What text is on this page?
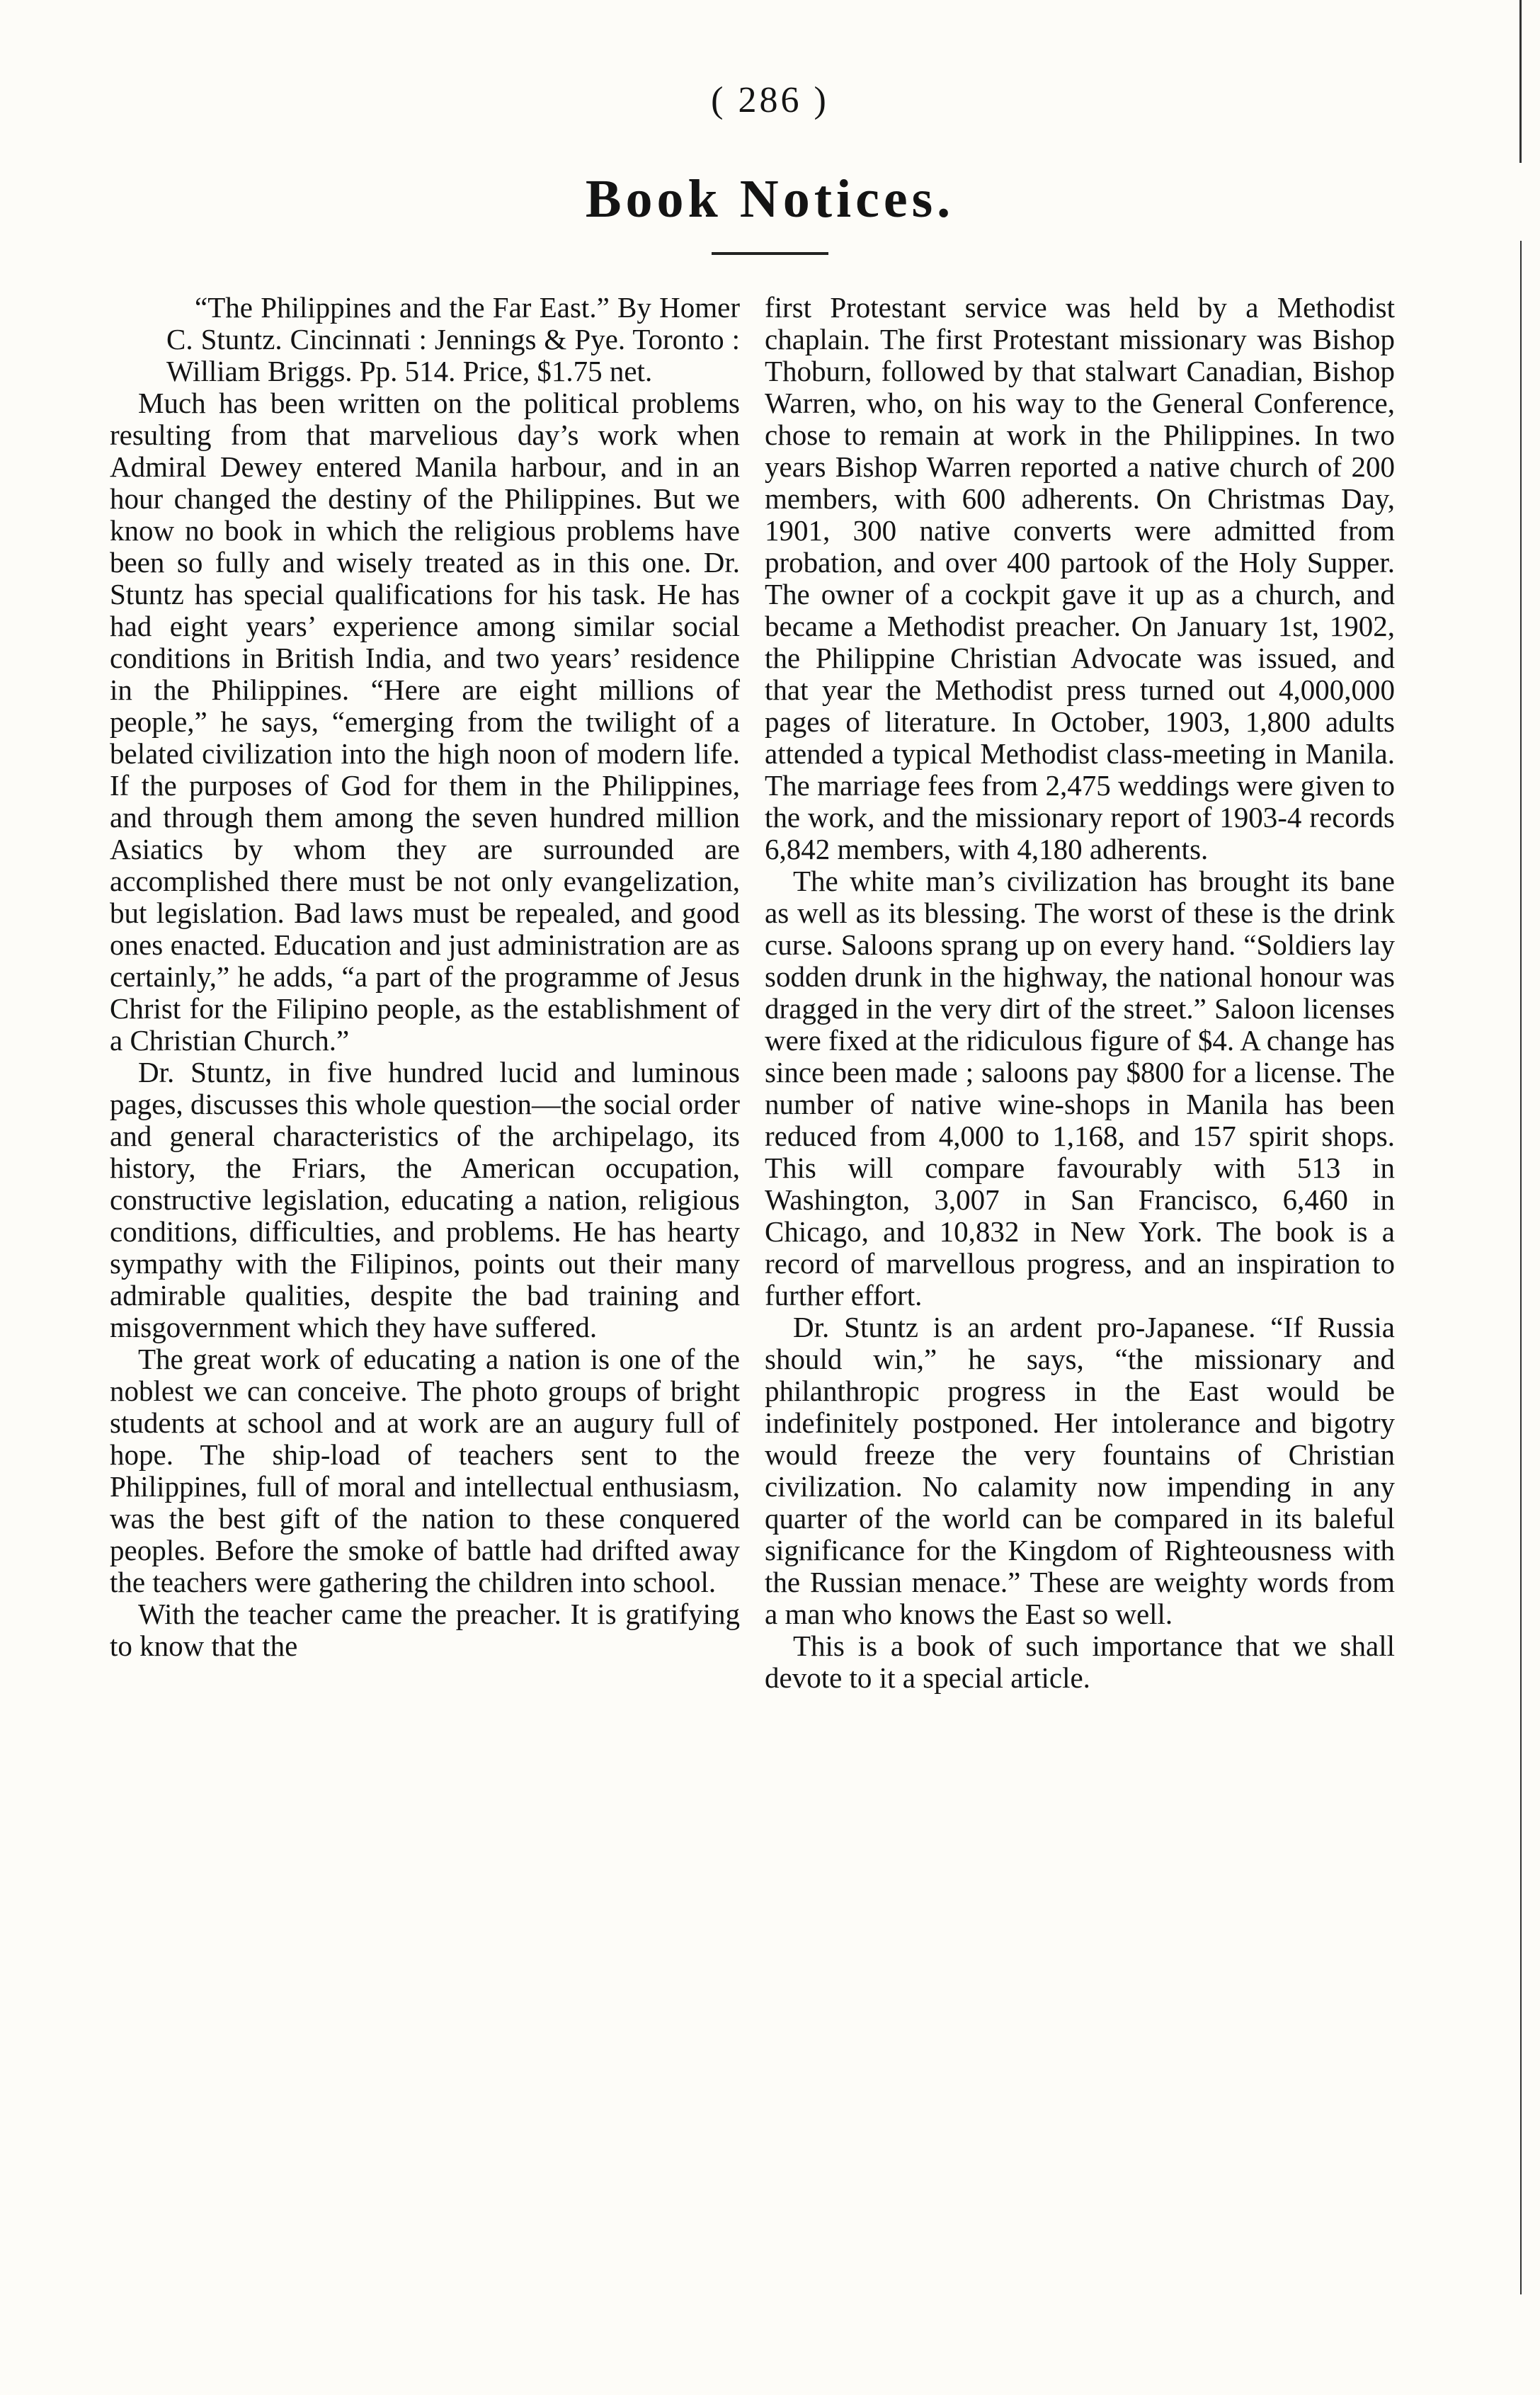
( 286 )
Book Notices.

“The Philippines and the Far East.” By Homer C. Stuntz. Cincinnati : Jennings & Pye. Toronto : William Briggs. Pp. 514. Price, $1.75 net.

Much has been written on the political problems resulting from that marvelious day’s work when Admiral Dewey entered Manila harbour, and in an hour changed the destiny of the Philippines. But we know no book in which the religious problems have been so fully and wisely treated as in this one. Dr. Stuntz has special qualifications for his task. He has had eight years’ experience among similar social conditions in British India, and two years’ residence in the Philippines. “Here are eight millions of people,” he says, “emerging from the twilight of a belated civilization into the high noon of modern life. If the purposes of God for them in the Philippines, and through them among the seven hundred million Asiatics by whom they are surrounded are accomplished there must be not only evangelization, but legislation. Bad laws must be repealed, and good ones enacted. Education and just administration are as certainly,” he adds, “a part of the programme of Jesus Christ for the Filipino people, as the establishment of a Christian Church.”

Dr. Stuntz, in five hundred lucid and luminous pages, discusses this whole question—the social order and general characteristics of the archipelago, its history, the Friars, the American occupation, constructive legislation, educating a nation, religious conditions, difficulties, and problems. He has hearty sympathy with the Filipinos, points out their many admirable qualities, despite the bad training and misgovernment which they have suffered.

The great work of educating a nation is one of the noblest we can conceive. The photo groups of bright students at school and at work are an augury full of hope. The ship-load of teachers sent to the Philippines, full of moral and intellectual enthusiasm, was the best gift of the nation to these conquered peoples. Before the smoke of battle had drifted away the teachers were gathering the children into school.

With the teacher came the preacher. It is gratifying to know that the

first Protestant service was held by a Methodist chaplain. The first Protestant missionary was Bishop Thoburn, followed by that stalwart Canadian, Bishop Warren, who, on his way to the General Conference, chose to remain at work in the Philippines. In two years Bishop Warren reported a native church of 200 members, with 600 adherents. On Christmas Day, 1901, 300 native converts were admitted from probation, and over 400 partook of the Holy Supper. The owner of a cockpit gave it up as a church, and became a Methodist preacher. On January 1st, 1902, the Philippine Christian Advocate was issued, and that year the Methodist press turned out 4,000,000 pages of literature. In October, 1903, 1,800 adults attended a typical Methodist class-meeting in Manila. The marriage fees from 2,475 weddings were given to the work, and the missionary report of 1903-4 records 6,842 members, with 4,180 adherents.

The white man’s civilization has brought its bane as well as its blessing. The worst of these is the drink curse. Saloons sprang up on every hand. “Soldiers lay sodden drunk in the highway, the national honour was dragged in the very dirt of the street.” Saloon licenses were fixed at the ridiculous figure of $4. A change has since been made ; saloons pay $800 for a license. The number of native wine-shops in Manila has been reduced from 4,000 to 1,168, and 157 spirit shops. This will compare favourably with 513 in Washington, 3,007 in San Francisco, 6,460 in Chicago, and 10,832 in New York. The book is a record of marvellous progress, and an inspiration to further effort.

Dr. Stuntz is an ardent pro-Japanese. “If Russia should win,” he says, “the missionary and philanthropic progress in the East would be indefinitely postponed. Her intolerance and bigotry would freeze the very fountains of Christian civilization. No calamity now impending in any quarter of the world can be compared in its baleful significance for the Kingdom of Righteousness with the Russian menace.” These are weighty words from a man who knows the East so well.

This is a book of such importance that we shall devote to it a special article.
